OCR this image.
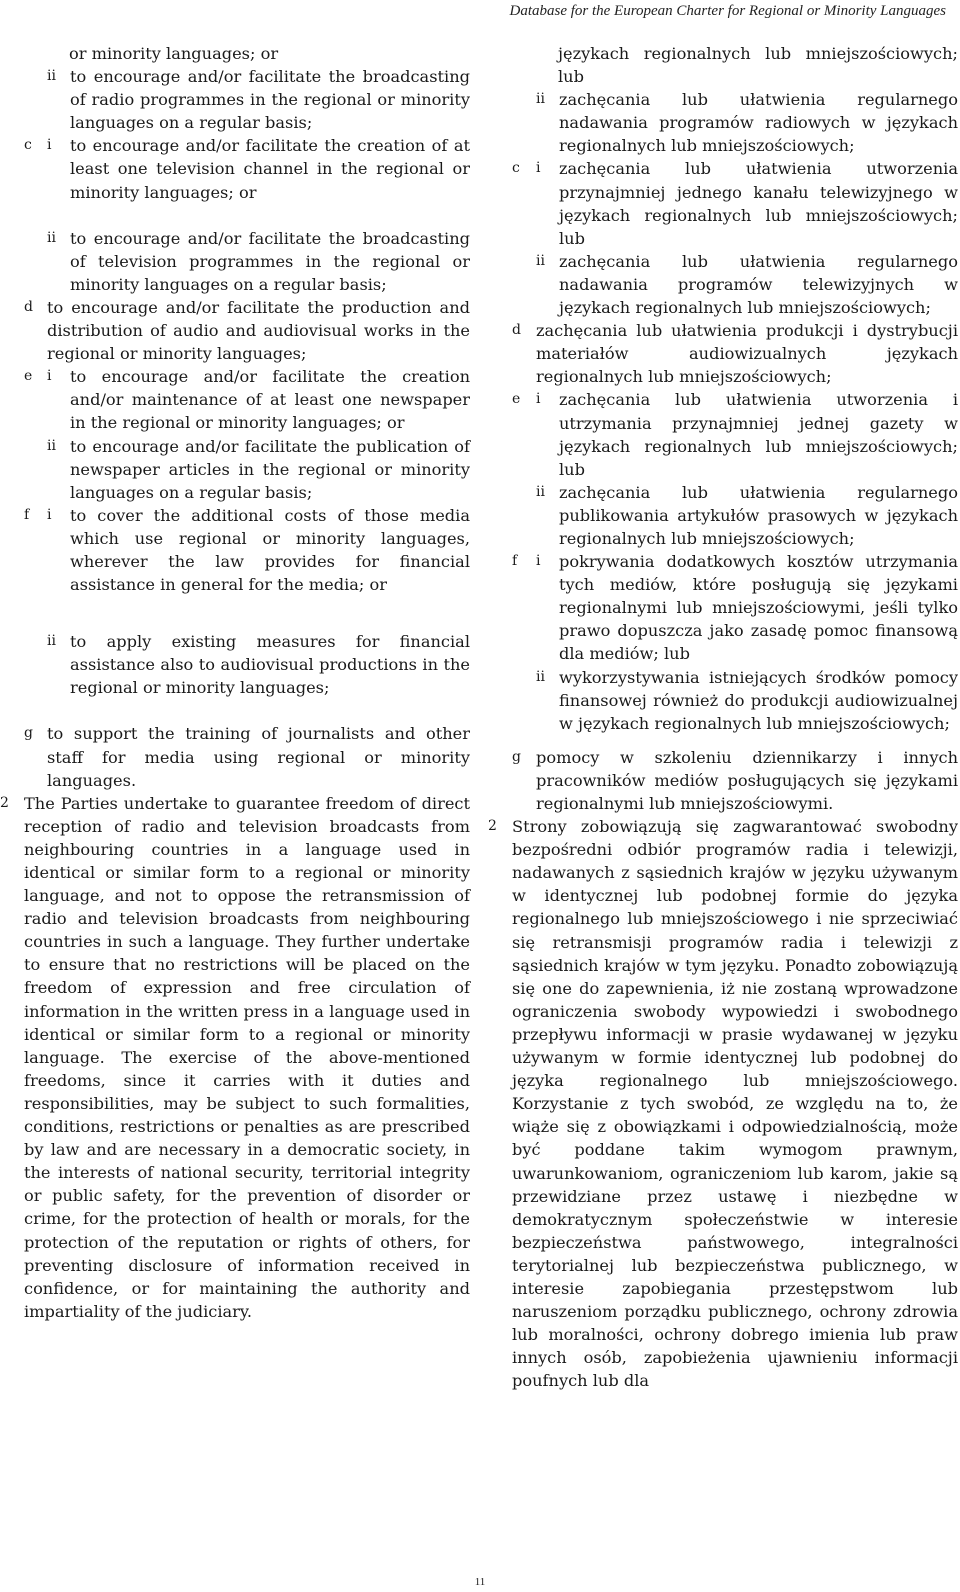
Database for the European Charter for Regional or Minority Languages
or minority languages; or
ii to encourage and/or facilitate the broadcasting of radio programmes in the regional or minority languages on a regular basis;
c	i	to encourage and/or facilitate the creation of at least one television channel in the regional or minority languages; or
ii to encourage and/or facilitate the broadcasting of television programmes in the regional or minority languages on a regular basis;
d to encourage and/or facilitate the production and distribution of audio and audiovisual works in the regional or minority languages;
e	i	to encourage and/or facilitate the creation and/or maintenance of at least one newspaper in the regional or minority languages; or
ii to encourage and/or facilitate the publication of newspaper articles in the regional or minority languages on a regular basis;
f	i	to cover the additional costs of those media which use regional or minority languages, wherever the law provides for financial assistance in general for the media; or
ii to apply existing measures for financial assistance also to audiovisual productions in the regional or minority languages;
g to support the training of journalists and other staff for media using regional or minority languages.
2 The Parties undertake to guarantee freedom of direct reception of radio and television broadcasts from neighbouring countries in a language used in identical or similar form to a regional or minority language, and not to oppose the retransmission of radio and television broadcasts from neighbouring countries in such a language. They further undertake to ensure that no restrictions will be placed on the freedom of expression and free circulation of information in the written press in a language used in identical or similar form to a regional or minority language. The exercise of the above-mentioned freedoms, since it carries with it duties and responsibilities, may be subject to such formalities, conditions, restrictions or penalties as are prescribed by law and are necessary in a democratic society, in the interests of national security, territorial integrity or public safety, for the prevention of disorder or crime, for the protection of health or morals, for the protection of the reputation or rights of others, for preventing disclosure of information received in confidence, or for maintaining the authority and impartiality of the judiciary.
językach regionalnych lub mniejszościowych; lub
ii zachęcania lub ułatwienia regularnego nadawania programów radiowych w językach regionalnych lub mniejszościowych;
c	i	zachęcania lub ułatwienia utworzenia przynajmniej jednego kanału telewizyjnego w językach regionalnych lub mniejszościowych; lub
ii zachęcania lub ułatwienia regularnego nadawania programów telewizyjnych w językach regionalnych lub mniejszościowych;
d zachęcania lub ułatwienia produkcji i dystrybucji materiałów audiowizualnych językach regionalnych lub mniejszościowych;
e	i	zachęcania lub ułatwienia utworzenia i utrzymania przynajmniej jednej gazety w językach regionalnych lub mniejszościowych; lub
ii zachęcania lub ułatwienia regularnego publikowania artykułów prasowych w językach regionalnych lub mniejszościowych;
f	i	pokrywania dodatkowych kosztów utrzymania tych mediów, które posługują się językami regionalnymi lub mniejszościowymi, jeśli tylko prawo dopuszcza jako zasadę pomoc finansową dla mediów; lub
ii wykorzystywania istniejących środków pomocy finansowej również do produkcji audiowizualnej w językach regionalnych lub mniejszościowych;
g pomocy w szkoleniu dziennikarzy i innych pracowników mediów posługujących się językami regionalnymi lub mniejszościowymi.
2 Strony zobowiązują się zagwarantować swobodny bezpośredni odbiór programów radia i telewizji, nadawanych z sąsiednich krajów w języku używanym w identycznej lub podobnej formie do języka regionalnego lub mniejszościowego i nie sprzeciwiać się retransmisji programów radia i telewizji z sąsiednich krajów w tym języku. Ponadto zobowiązują się one do zapewnienia, iż nie zostaną wprowadzone ograniczenia swobody wypowiedzi i swobodnego przepływu informacji w prasie wydawanej w języku używanym w formie identycznej lub podobnej do języka regionalnego lub mniejszościowego. Korzystanie z tych swobód, ze względu na to, że wiąże się z obowiązkami i odpowiedzialnością, może być poddane takim wymogom prawnym, uwarunkowaniom, ograniczeniom lub karom, jakie są przewidziane przez ustawę i niezbędne w demokratycznym społeczeństwie w interesie bezpieczeństwa państwowego, integralności terytorialnej lub bezpieczeństwa publicznego, w interesie zapobiegania przestępstwom lub naruszeniom porządku publicznego, ochrony zdrowia lub moralności, ochrony dobrego imienia lub praw innych osób, zapobieżenia ujawnieniu informacji poufnych lub dla
11
